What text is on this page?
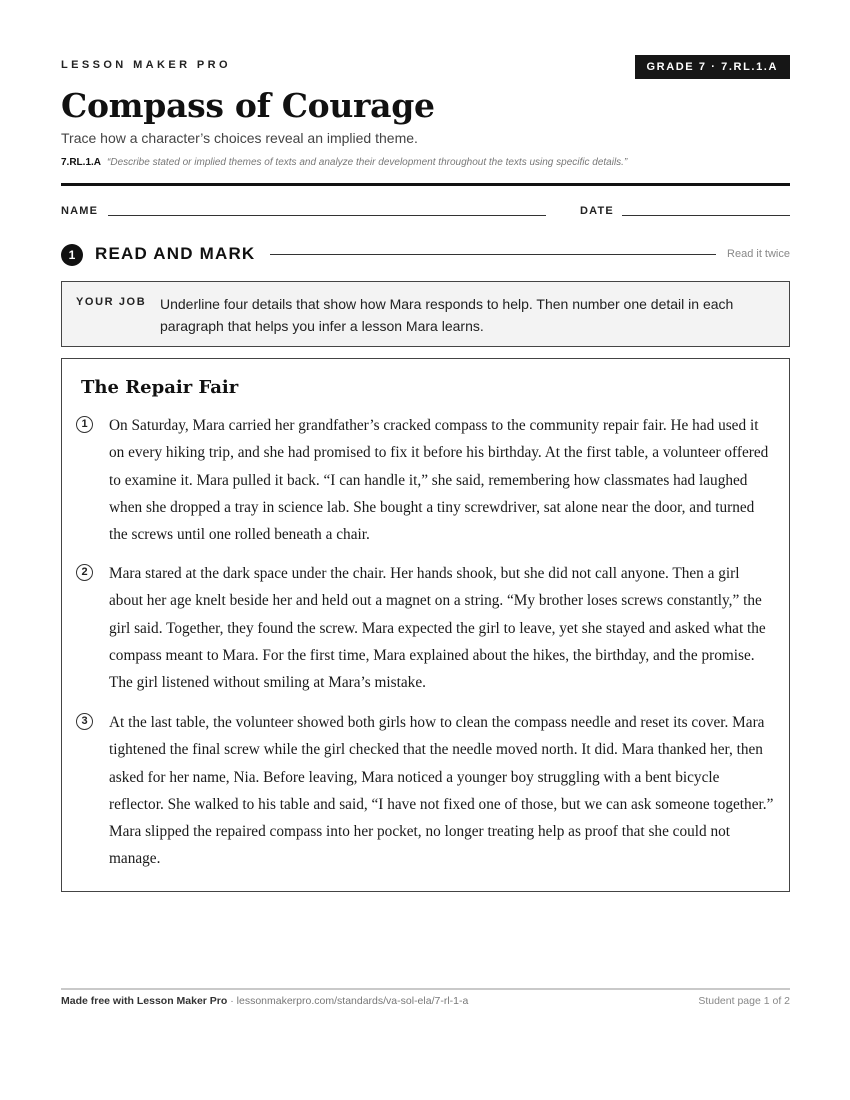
LESSON MAKER PRO	GRADE 7 · 7.RL.1.A
Compass of Courage
Trace how a character’s choices reveal an implied theme.
7.RL.1.A “Describe stated or implied themes of texts and analyze their development throughout the texts using specific details.”
NAME	DATE
1	READ AND MARK	Read it twice
YOUR JOB Underline four details that show how Mara responds to help. Then number one detail in each paragraph that helps you infer a lesson Mara learns.
The Repair Fair
1	On Saturday, Mara carried her grandfather’s cracked compass to the community repair fair. He had used it on every hiking trip, and she had promised to fix it before his birthday. At the first table, a volunteer offered to examine it. Mara pulled it back. “I can handle it,” she said, remembering how classmates had laughed when she dropped a tray in science lab. She bought a tiny screwdriver, sat alone near the door, and turned the screws until one rolled beneath a chair.

2	Mara stared at the dark space under the chair. Her hands shook, but she did not call anyone. Then a girl about her age knelt beside her and held out a magnet on a string. “My brother loses screws constantly,” the girl said. Together, they found the screw. Mara expected the girl to leave, yet she stayed and asked what the compass meant to Mara. For the first time, Mara explained about the hikes, the birthday, and the promise. The girl listened without smiling at Mara’s mistake.

3	At the last table, the volunteer showed both girls how to clean the compass needle and reset its cover. Mara tightened the final screw while the girl checked that the needle moved north. It did. Mara thanked her, then asked for her name, Nia. Before leaving, Mara noticed a younger boy struggling with a bent bicycle reflector. She walked to his table and said, “I have not fixed one of those, but we can ask someone together.” Mara slipped the repaired compass into her pocket, no longer treating help as proof that she could not manage.

Made free with Lesson Maker Pro · lessonmakerpro.com/standards/va-sol-ela/7-rl-1-a	Student page 1 of 2
